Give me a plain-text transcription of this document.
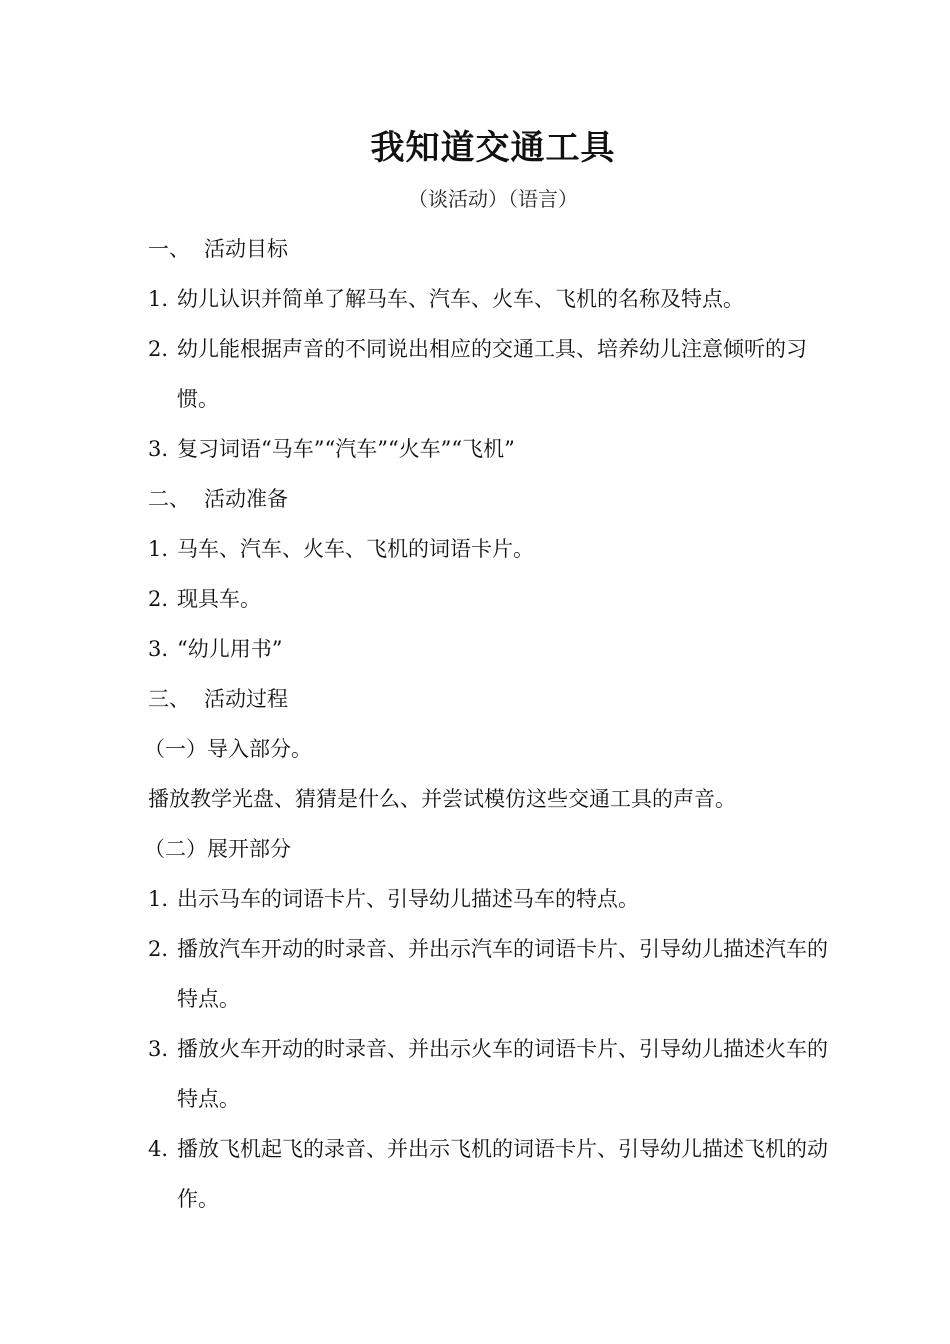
我知道交通工具

（谈活动）（语言）

一、 活动目标

1. 幼儿认识并简单了解马车、汽车、火车、飞机的名称及特点。
2. 幼儿能根据声音的不同说出相应的交通工具、培养幼儿注意倾听的习惯。
3. 复习词语“马车”“汽车”“火车”“飞机”

二、 活动准备

1. 马车、汽车、火车、飞机的词语卡片。
2. 现具车。
3. “幼儿用书”

三、 活动过程

（一）导入部分。

播放教学光盘、猜猜是什么、并尝试模仿这些交通工具的声音。

（二）展开部分

1. 出示马车的词语卡片、引导幼儿描述马车的特点。
2. 播放汽车开动的时录音、并出示汽车的词语卡片、引导幼儿描述汽车的特点。
3. 播放火车开动的时录音、并出示火车的词语卡片、引导幼儿描述火车的特点。
4. 播放飞机起飞的录音、并出示飞机的词语卡片、引导幼儿描述飞机的动作。
